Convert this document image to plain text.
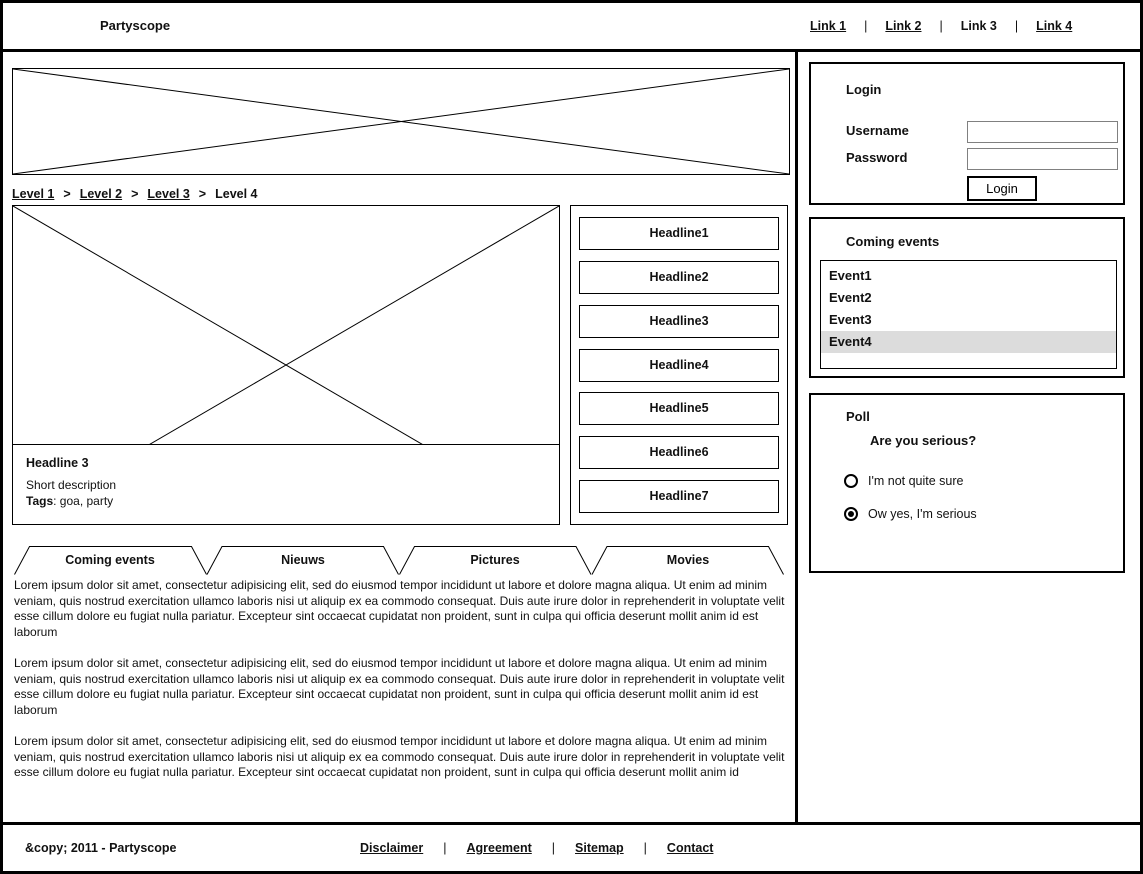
Partyscope	Link 1 | Link 2 | Link 3 | Link 4
Level 1 > Level 2 > Level 3 > Level 4
Headline 3
Short description
Tags: goa, party
Headline1
Headline2
Headline3
Headline4
Headline5
Headline6
Headline7
Coming events	Nieuws	Pictures	Movies

Lorem ipsum dolor sit amet, consectetur adipisicing elit, sed do eiusmod tempor incididunt ut labore et dolore magna aliqua. Ut enim ad minim veniam, quis nostrud exercitation ullamco laboris nisi ut aliquip ex ea commodo consequat. Duis aute irure dolor in reprehenderit in voluptate velit esse cillum dolore eu fugiat nulla pariatur. Excepteur sint occaecat cupidatat non proident, sunt in culpa qui officia deserunt mollit anim id est laborum

Lorem ipsum dolor sit amet, consectetur adipisicing elit, sed do eiusmod tempor incididunt ut labore et dolore magna aliqua. Ut enim ad minim veniam, quis nostrud exercitation ullamco laboris nisi ut aliquip ex ea commodo consequat. Duis aute irure dolor in reprehenderit in voluptate velit esse cillum dolore eu fugiat nulla pariatur. Excepteur sint occaecat cupidatat non proident, sunt in culpa qui officia deserunt mollit anim id est laborum

Lorem ipsum dolor sit amet, consectetur adipisicing elit, sed do eiusmod tempor incididunt ut labore et dolore magna aliqua. Ut enim ad minim veniam, quis nostrud exercitation ullamco laboris nisi ut aliquip ex ea commodo consequat. Duis aute irure dolor in reprehenderit in voluptate velit esse cillum dolore eu fugiat nulla pariatur. Excepteur sint occaecat cupidatat non proident, sunt in culpa qui officia deserunt mollit anim id

Login
Username
Password
Login
Coming events
Event1
Event2
Event3
Event4
Poll
Are you serious?
I'm not quite sure
Ow yes, I'm serious
&copy; 2011 - Partyscope	Disclaimer | Agreement | Sitemap | Contact
